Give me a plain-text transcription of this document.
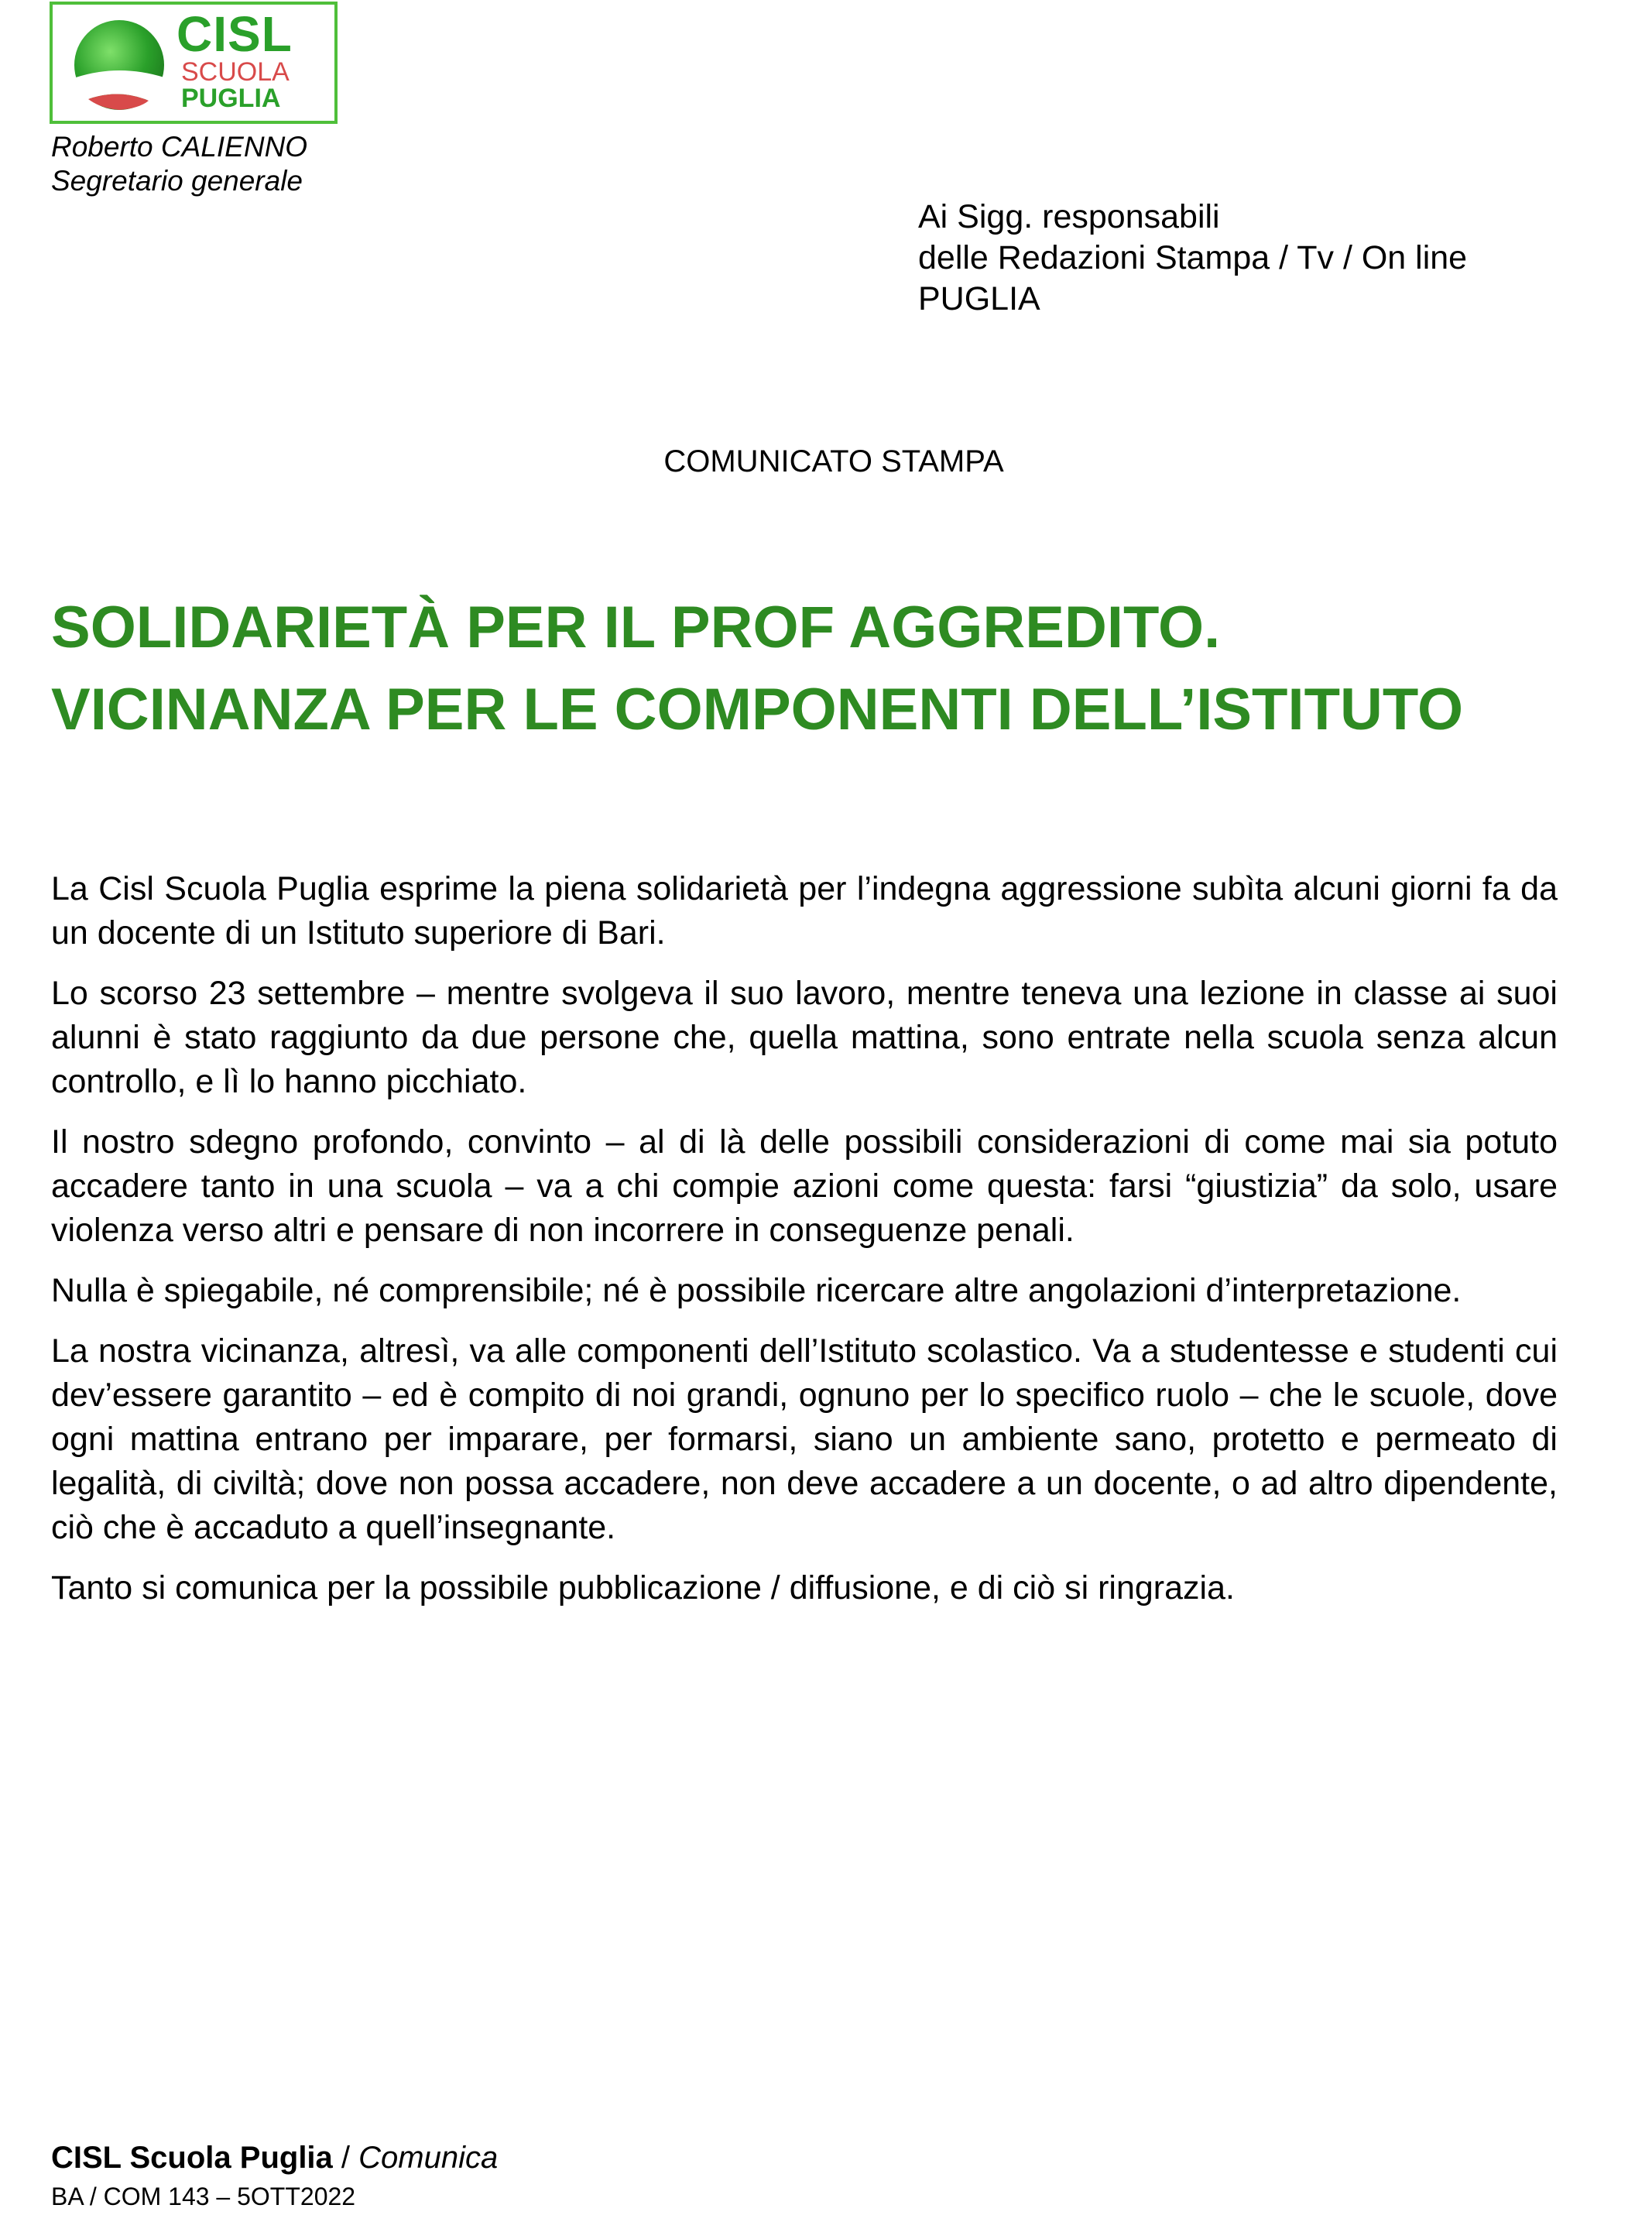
CISL
SCUOLA
PUGLIA
Roberto CALIENNO
Segretario generale
Ai Sigg. responsabili
delle Redazioni Stampa / Tv / On line
PUGLIA
COMUNICATO STAMPA
SOLIDARIETÀ PER IL PROF AGGREDITO.
VICINANZA PER LE COMPONENTI DELL’ISTITUTO

La Cisl Scuola Puglia esprime la piena solidarietà per l’indegna aggressione subìta alcuni giorni fa da un docente di un Istituto superiore di Bari.

Lo scorso 23 settembre – mentre svolgeva il suo lavoro, mentre teneva una lezione in classe ai suoi alunni è stato raggiunto da due persone che, quella mattina, sono entrate nella scuola senza alcun controllo, e lì lo hanno picchiato.

Il nostro sdegno profondo, convinto – al di là delle possibili considerazioni di come mai sia potuto accadere tanto in una scuola – va a chi compie azioni come questa: farsi “giustizia” da solo, usare violenza verso altri e pensare di non incorrere in conseguenze penali.

Nulla è spiegabile, né comprensibile; né è possibile ricercare altre angolazioni d’interpretazione.

La nostra vicinanza, altresì, va alle componenti dell’Istituto scolastico. Va a studentesse e studenti cui dev’essere garantito – ed è compito di noi grandi, ognuno per lo specifico ruolo – che le scuole, dove ogni mattina entrano per imparare, per formarsi, siano un ambiente sano, protetto e permeato di legalità, di civiltà; dove non possa accadere, non deve accadere a un docente, o ad altro dipendente, ciò che è accaduto a quell’insegnante.

Tanto si comunica per la possibile pubblicazione / diffusione, e di ciò si ringrazia.

CISL Scuola Puglia / Comunica
BA / COM 143 – 5OTT2022
